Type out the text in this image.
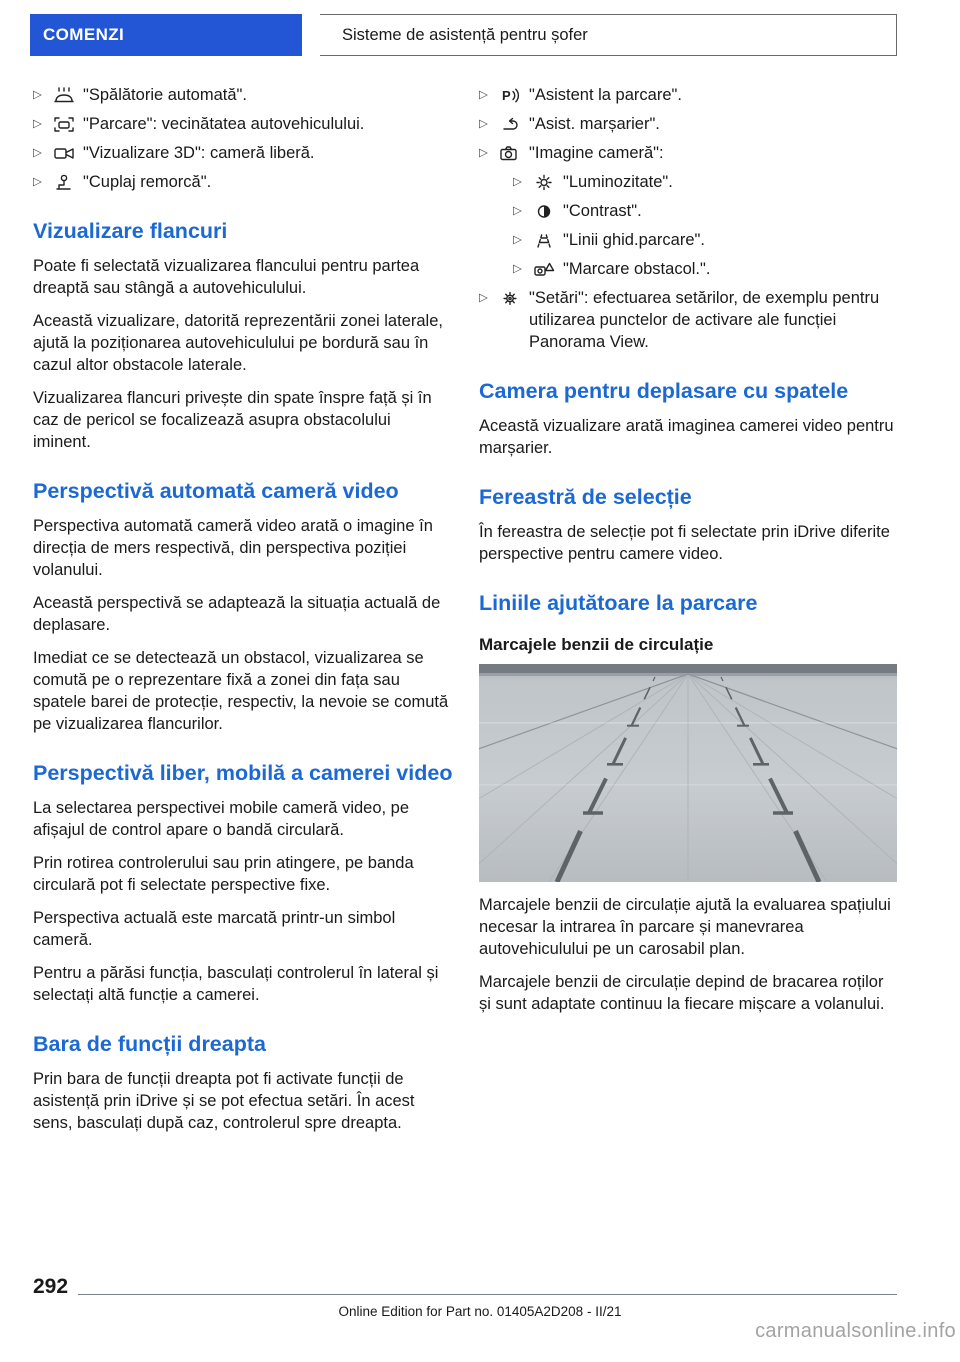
COMENZI	Sisteme de asistență pentru șofer
▷	"Spălătorie automată".
▷	"Parcare": vecinătatea autovehiculului.
▷	"Vizualizare 3D": cameră liberă.
▷	"Cuplaj remorcă".
Vizualizare flancuri

Poate fi selectată vizualizarea flancului pentru partea dreaptă sau stângă a autovehiculului.

Această vizualizare, datorită reprezentării zonei laterale, ajută la poziționarea autovehiculului pe bordură sau în cazul altor obstacole laterale.

Vizualizarea flancuri privește din spate înspre față și în caz de pericol se focalizează asupra obstacolului iminent.

Perspectivă automată cameră video

Perspectiva automată cameră video arată o imagine în direcția de mers respectivă, din perspectiva poziției volanului.

Această perspectivă se adaptează la situația actuală de deplasare.

Imediat ce se detectează un obstacol, vizualizarea se comută pe o reprezentare fixă a zonei din fața sau spatele barei de protecție, respectiv, la nevoie se comută pe vizualizarea flancurilor.

Perspectivă liber, mobilă a camerei video

La selectarea perspectivei mobile cameră video, pe afișajul de control apare o bandă circulară.

Prin rotirea controlerului sau prin atingere, pe banda circulară pot fi selectate perspective fixe.

Perspectiva actuală este marcată printr-un simbol cameră.

Pentru a părăsi funcția, basculați controlerul în lateral și selectați altă funcție a camerei.

Bara de funcții dreapta

Prin bara de funcții dreapta pot fi activate funcții de asistență prin iDrive și se pot efectua setări. În acest sens, basculați după caz, controlerul spre dreapta.

▷	"Asistent la parcare".
▷	"Asist. marșarier".
▷	"Imagine cameră":
▷	"Luminozitate".
▷	"Contrast".
▷	"Linii ghid.parcare".
▷	"Marcare obstacol.".
▷	"Setări": efectuarea setărilor, de exemplu pentru utilizarea punctelor de activare ale funcției Panorama View.
Camera pentru deplasare cu spatele

Această vizualizare arată imaginea camerei video pentru marșarier.

Fereastră de selecție

În fereastra de selecție pot fi selectate prin iDrive diferite perspective pentru camere video.

Liniile ajutătoare la parcare
Marcajele benzii de circulație

Marcajele benzii de circulație ajută la evaluarea spațiului necesar la intrarea în parcare și manevrarea autovehiculului pe un carosabil plan.

Marcajele benzii de circulație depind de bracarea roților și sunt adaptate continuu la fiecare mișcare a volanului.

292
Online Edition for Part no. 01405A2D208 - II/21
carmanualsonline.info
